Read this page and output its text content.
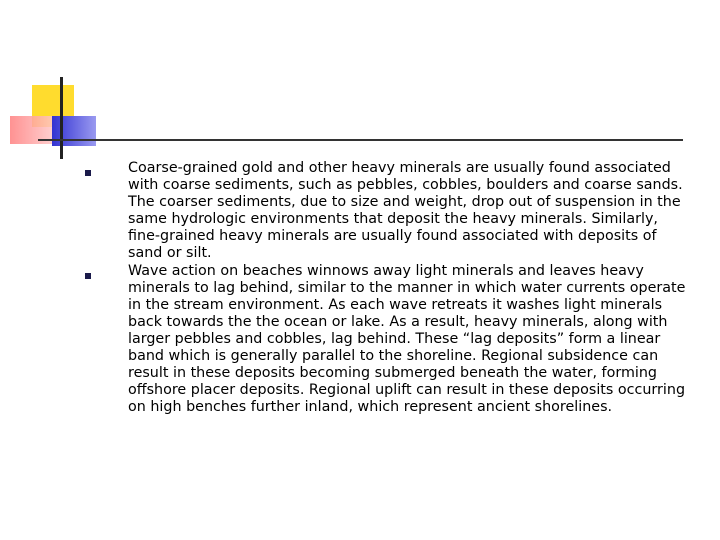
Coarse-grained gold and other heavy minerals are usually found associated with coarse sediments, such as pebbles, cobbles, boulders and coarse sands. The coarser sediments, due to size and weight, drop out of suspension in the same hydrologic environments that deposit the heavy minerals. Similarly, fine-grained heavy minerals are usually found associated with deposits of sand or silt.
Wave action on beaches winnows away light minerals and leaves heavy minerals to lag behind, similar to the manner in which water currents operate in the stream environment. As each wave retreats it washes light minerals back towards the the ocean or lake. As a result, heavy minerals, along with larger pebbles and cobbles, lag behind. These “lag deposits” form a linear band which is generally parallel to the shoreline. Regional subsidence can result in these deposits becoming submerged beneath the water, forming offshore placer deposits. Regional uplift can result in these deposits occurring on high benches further inland, which represent ancient shorelines.
